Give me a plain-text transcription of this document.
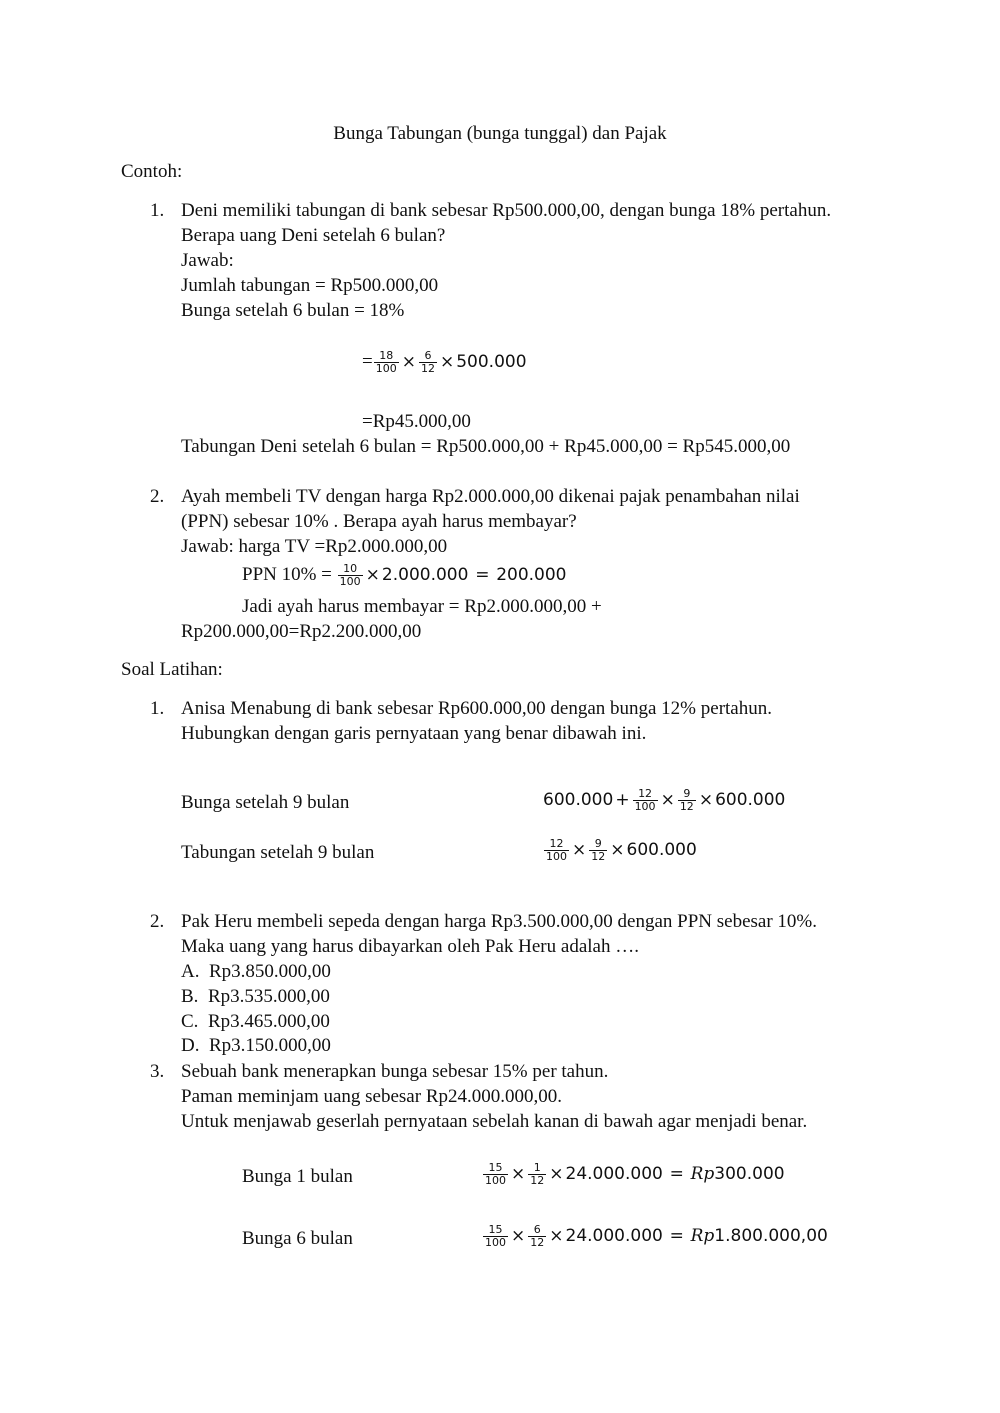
Bunga Tabungan (bunga tunggal) dan Pajak
Contoh:
1. Deni memiliki tabungan di bank sebesar Rp500.000,00, dengan bunga 18% pertahun.
Berapa uang Deni setelah 6 bulan?
Jawab:
Jumlah tabungan = Rp500.000,00
Bunga setelah 6 bulan = 18%
= $\frac{18}{100} \times \frac{6}{12} \times 500.000$
=Rp45.000,00
Tabungan Deni setelah 6 bulan = Rp500.000,00 + Rp45.000,00 = Rp545.000,00
2. Ayah membeli TV dengan harga Rp2.000.000,00 dikenai pajak penambahan nilai
(PPN) sebesar 10% . Berapa ayah harus membayar?
Jawab: harga TV =Rp2.000.000,00
PPN $10\% = \frac{10}{100} \times 2.000.000 = 200.000$
Jadi ayah harus membayar = Rp2.000.000,00 +
Rp200.000,00=Rp2.200.000,00
Soal Latihan:
1. Anisa Menabung di bank sebesar Rp600.000,00 dengan bunga 12% pertahun.
Hubungkan dengan garis pernyataan yang benar dibawah ini.
Bunga setelah 9 bulan	$600.000 + \frac{12}{100} \times \frac{9}{12} \times 600.000$
Tabungan setelah 9 bulan	$\frac{12}{100} \times \frac{9}{12} \times 600.000$
2. Pak Heru membeli sepeda dengan harga Rp3.500.000,00 dengan PPN sebesar 10%.
Maka uang yang harus dibayarkan oleh Pak Heru adalah ….
A. Rp3.850.000,00
B. Rp3.535.000,00
C. Rp3.465.000,00
D. Rp3.150.000,00
3. Sebuah bank menerapkan bunga sebesar 15% per tahun.
Paman meminjam uang sebesar Rp24.000.000,00.
Untuk menjawab geserlah pernyataan sebelah kanan di bawah agar menjadi benar.
Bunga 1 bulan	$\frac{15}{100} \times \frac{1}{12} \times 24.000.000 = Rp300.000$
Bunga 6 bulan	$\frac{15}{100} \times \frac{6}{12} \times 24.000.000 = Rp1.800.000,00$
